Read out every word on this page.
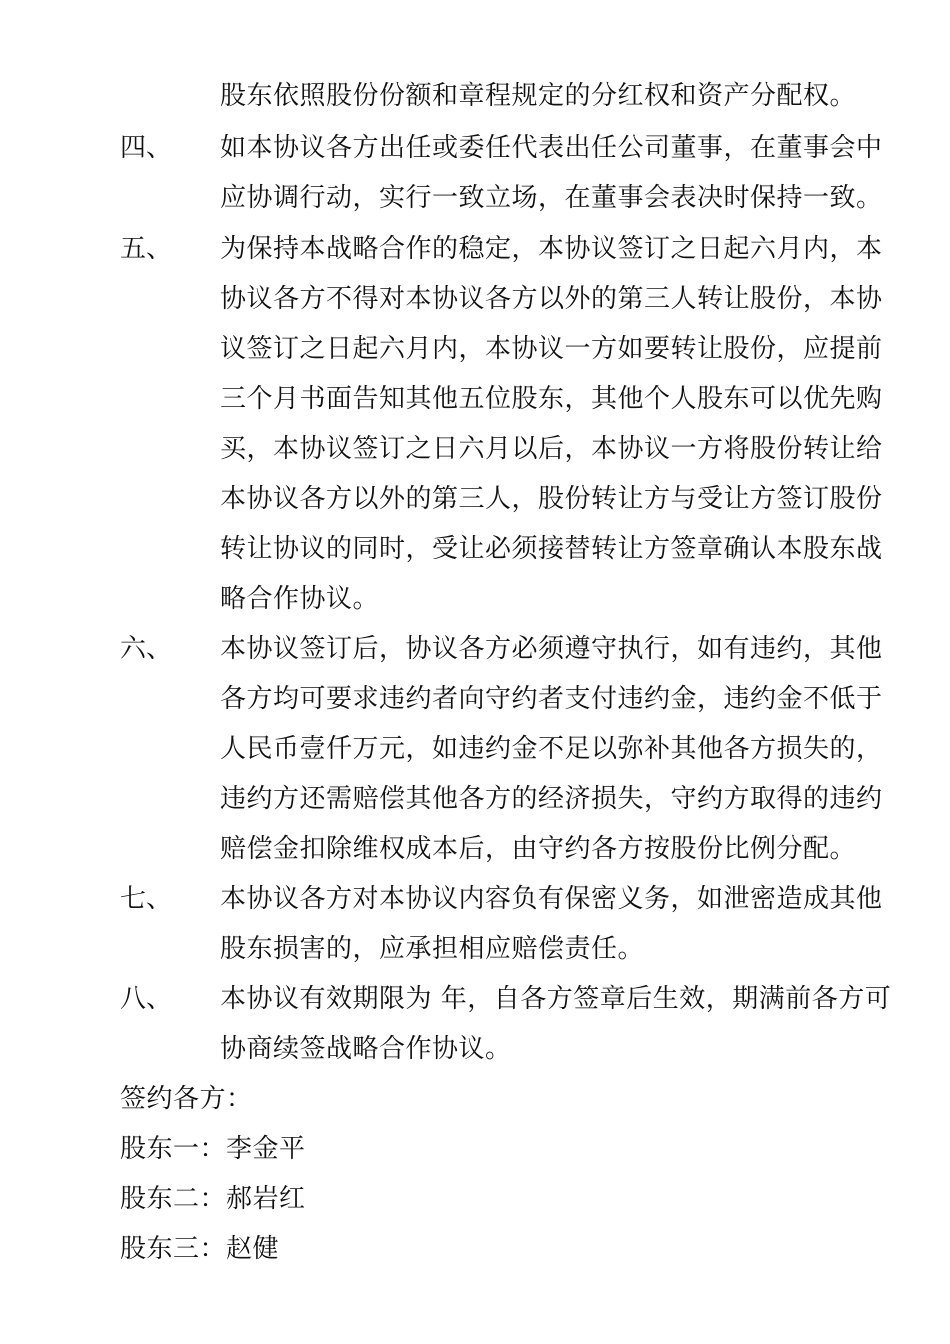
股东依照股份份额和章程规定的分红权和资产分配权。
四、 如本协议各方出任或委任代表出任公司董事，在董事会中
应协调行动，实行一致立场，在董事会表决时保持一致。
五、 为保持本战略合作的稳定，本协议签订之日起六月内，本
协议各方不得对本协议各方以外的第三人转让股份，本协
议签订之日起六月内，本协议一方如要转让股份，应提前
三个月书面告知其他五位股东，其他个人股东可以优先购
买，本协议签订之日六月以后，本协议一方将股份转让给
本协议各方以外的第三人，股份转让方与受让方签订股份
转让协议的同时，受让必须接替转让方签章确认本股东战
略合作协议。
六、 本协议签订后，协议各方必须遵守执行，如有违约，其他
各方均可要求违约者向守约者支付违约金，违约金不低于
人民币壹仟万元，如违约金不足以弥补其他各方损失的，
违约方还需赔偿其他各方的经济损失，守约方取得的违约
赔偿金扣除维权成本后，由守约各方按股份比例分配。
七、 本协议各方对本协议内容负有保密义务，如泄密造成其他
股东损害的，应承担相应赔偿责任。
八、 本协议有效期限为 年，自各方签章后生效，期满前各方可
协商续签战略合作协议。
签约各方：
股东一：李金平
股东二：郝岩红
股东三：赵健
